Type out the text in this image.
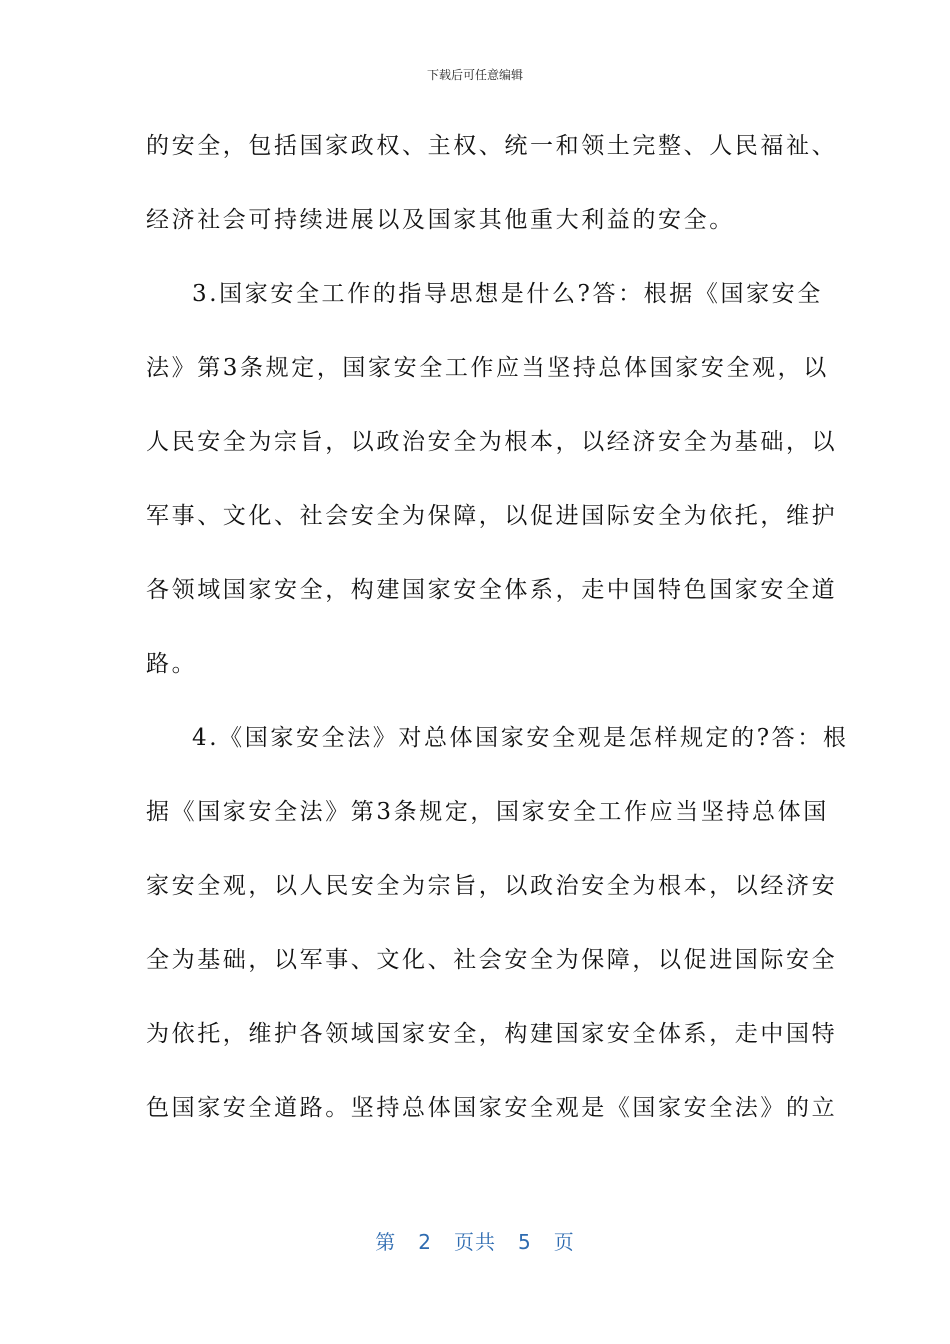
下载后可任意编辑
的安全，包括国家政权、主权、统一和领土完整、人民福祉、
经济社会可持续进展以及国家其他重大利益的安全。
3.国家安全工作的指导思想是什么?答：根据《国家安全
法》第3条规定，国家安全工作应当坚持总体国家安全观，以
人民安全为宗旨，以政治安全为根本，以经济安全为基础，以
军事、文化、社会安全为保障，以促进国际安全为依托，维护
各领域国家安全，构建国家安全体系，走中国特色国家安全道
路。
4.《国家安全法》对总体国家安全观是怎样规定的?答：根
据《国家安全法》第3条规定，国家安全工作应当坚持总体国
家安全观，以人民安全为宗旨，以政治安全为根本，以经济安
全为基础，以军事、文化、社会安全为保障，以促进国际安全
为依托，维护各领域国家安全，构建国家安全体系，走中国特
色国家安全道路。坚持总体国家安全观是《国家安全法》的立
第 2 页共 5 页
